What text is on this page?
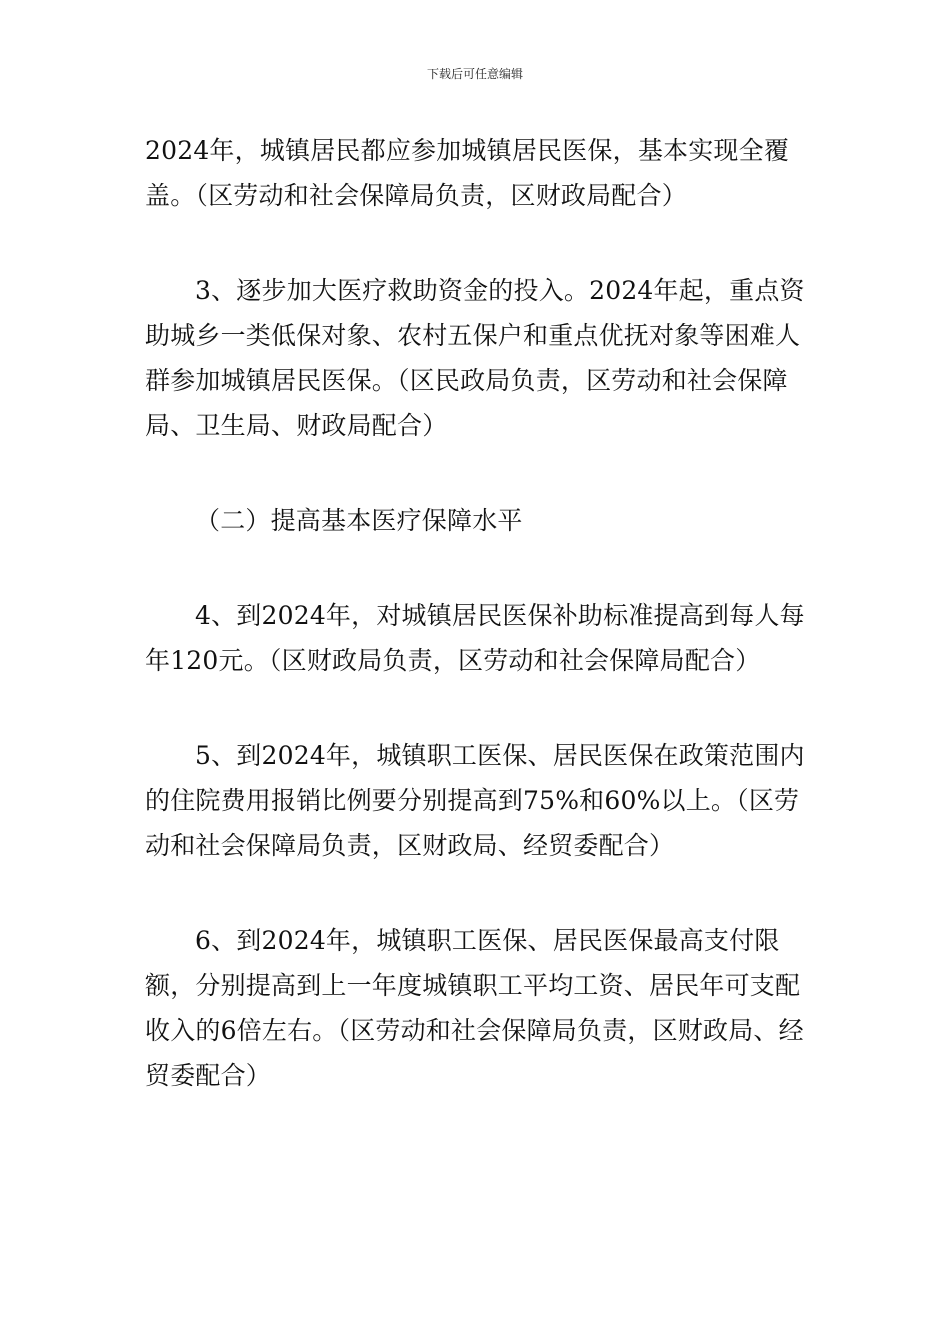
下载后可任意编辑

2024年，城镇居民都应参加城镇居民医保，基本实现全覆盖。（区劳动和社会保障局负责，区财政局配合）

3、逐步加大医疗救助资金的投入。2024年起，重点资助城乡一类低保对象、农村五保户和重点优抚对象等困难人群参加城镇居民医保。（区民政局负责，区劳动和社会保障局、卫生局、财政局配合）

（二）提高基本医疗保障水平

4、到2024年，对城镇居民医保补助标准提高到每人每年120元。（区财政局负责，区劳动和社会保障局配合）

5、到2024年，城镇职工医保、居民医保在政策范围内的住院费用报销比例要分别提高到75%和60%以上。（区劳动和社会保障局负责，区财政局、经贸委配合）

6、到2024年，城镇职工医保、居民医保最高支付限额，分别提高到上一年度城镇职工平均工资、居民年可支配收入的6倍左右。（区劳动和社会保障局负责，区财政局、经贸委配合）
